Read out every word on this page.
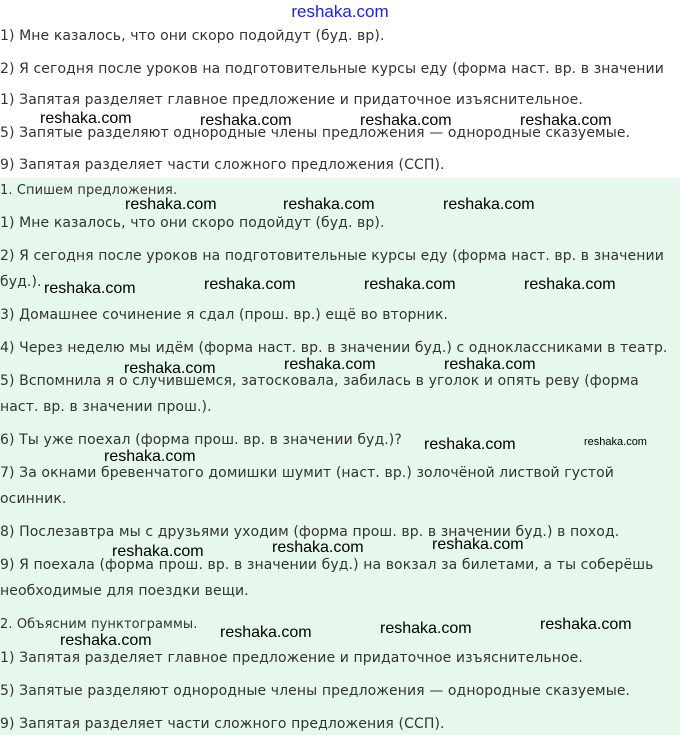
reshaka.com
1) Мне казалось, что они скоро подойдут (буд. вр).
2) Я сегодня после уроков на подготовительные курсы еду (форма наст. вр. в значении
1) Запятая разделяет главное предложение и придаточное изъяснительное.
5) Запятые разделяют однородные члены предложения — однородные сказуемые.
9) Запятая разделяет части сложного предложения (ССП).
1. Спишем предложения.
1) Мне казалось, что они скоро подойдут (буд. вр).
2) Я сегодня после уроков на подготовительные курсы еду (форма наст. вр. в значении
буд.).
3) Домашнее сочинение я сдал (прош. вр.) ещё во вторник.
4) Через неделю мы идём (форма наст. вр. в значении буд.) с одноклассниками в театр.
5) Вспомнила я о случившемся, затосковала, забилась в уголок и опять реву (форма
наст. вр. в значении прош.).
6) Ты уже поехал (форма прош. вр. в значении буд.)?
7) За окнами бревенчатого домишки шумит (наст. вр.) золочёной листвой густой
осинник.
8) Послезавтра мы с друзьями уходим (форма прош. вр. в значении буд.) в поход.
9) Я поехала (форма прош. вр. в значении буд.) на вокзал за билетами, а ты соберёшь
необходимые для поездки вещи.
2. Объясним пунктограммы.
1) Запятая разделяет главное предложение и придаточное изъяснительное.
5) Запятые разделяют однородные члены предложения — однородные сказуемые.
9) Запятая разделяет части сложного предложения (ССП).
reshaka.com	reshaka.com	reshaka.com	reshaka.com
reshaka.com	reshaka.com	reshaka.com
reshaka.com	reshaka.com	reshaka.com	reshaka.com
reshaka.com	reshaka.com	reshaka.com
reshaka.com	reshaka.com
reshaka.com
reshaka.com	reshaka.com	reshaka.com
reshaka.com	reshaka.com	reshaka.com	reshaka.com
